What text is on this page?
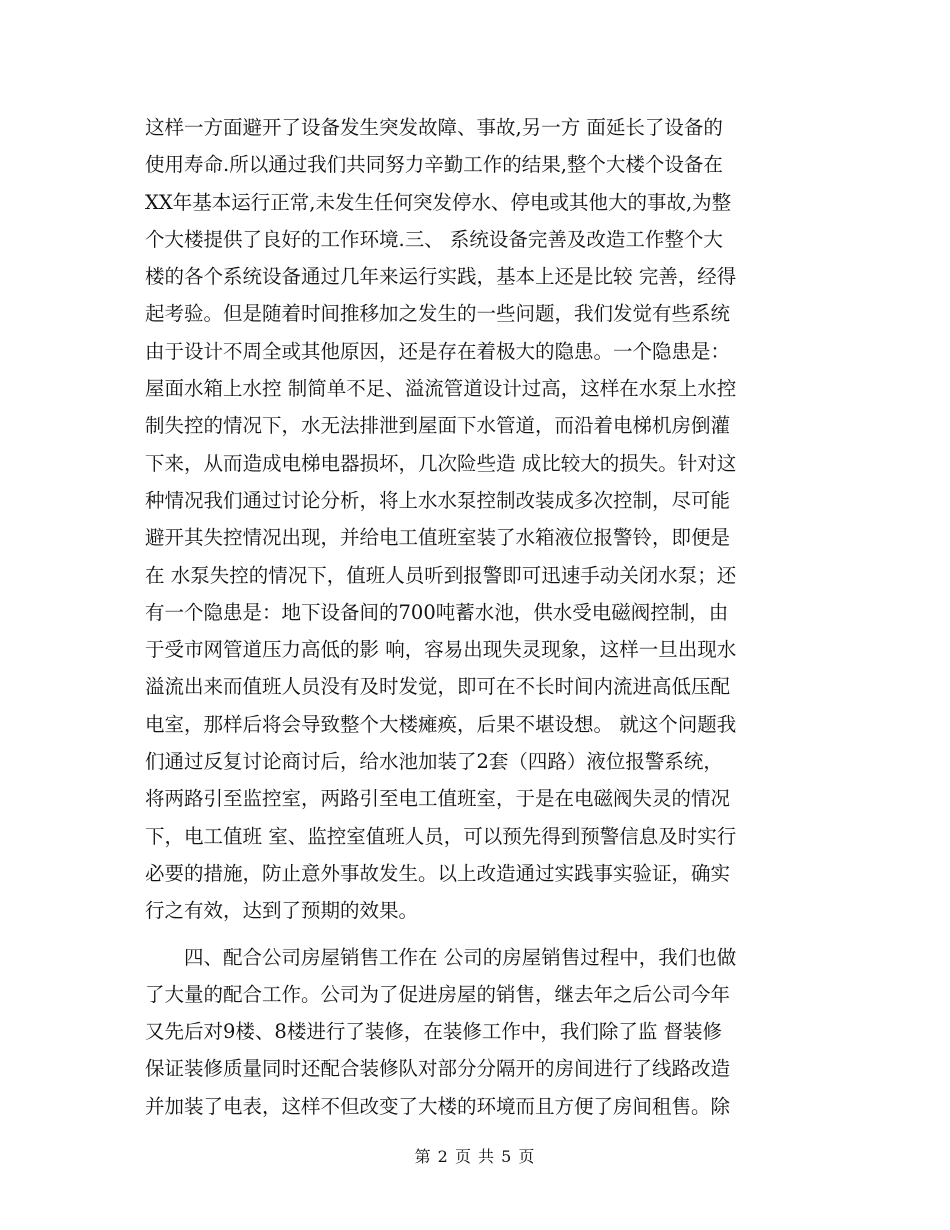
这样一方面避开了设备发生突发故障、事故,另一方 面延长了设备的
使用寿命.所以通过我们共同努力辛勤工作的结果,整个大楼个设备在
XX年基本运行正常,未发生任何突发停水、停电或其他大的事故,为整
个大楼提供了良好的工作环境.三、 系统设备完善及改造工作整个大
楼的各个系统设备通过几年来运行实践，基本上还是比较 完善，经得
起考验。但是随着时间推移加之发生的一些问题，我们发觉有些系统
由于设计不周全或其他原因，还是存在着极大的隐患。一个隐患是：
屋面水箱上水控 制简单不足、溢流管道设计过高，这样在水泵上水控
制失控的情况下，水无法排泄到屋面下水管道，而沿着电梯机房倒灌
下来，从而造成电梯电器损坏，几次险些造 成比较大的损失。针对这
种情况我们通过讨论分析，将上水水泵控制改装成多次控制，尽可能
避开其失控情况出现，并给电工值班室装了水箱液位报警铃，即便是
在 水泵失控的情况下，值班人员听到报警即可迅速手动关闭水泵；还
有一个隐患是：地下设备间的700吨蓄水池，供水受电磁阀控制，由
于受市网管道压力高低的影 响，容易出现失灵现象，这样一旦出现水
溢流出来而值班人员没有及时发觉，即可在不长时间内流进高低压配
电室，那样后将会导致整个大楼瘫痪，后果不堪设想。 就这个问题我
们通过反复讨论商讨后，给水池加装了2套（四路）液位报警系统，
将两路引至监控室，两路引至电工值班室，于是在电磁阀失灵的情况
下，电工值班 室、监控室值班人员，可以预先得到预警信息及时实行
必要的措施，防止意外事故发生。以上改造通过实践事实验证，确实
行之有效，达到了预期的效果。
　　四、配合公司房屋销售工作在 公司的房屋销售过程中，我们也做
了大量的配合工作。公司为了促进房屋的销售，继去年之后公司今年
又先后对9楼、8楼进行了装修，在装修工作中，我们除了监 督装修
保证装修质量同时还配合装修队对部分分隔开的房间进行了线路改造
并加装了电表，这样不但改变了大楼的环境而且方便了房间租售。除
第 2 页 共 5 页
